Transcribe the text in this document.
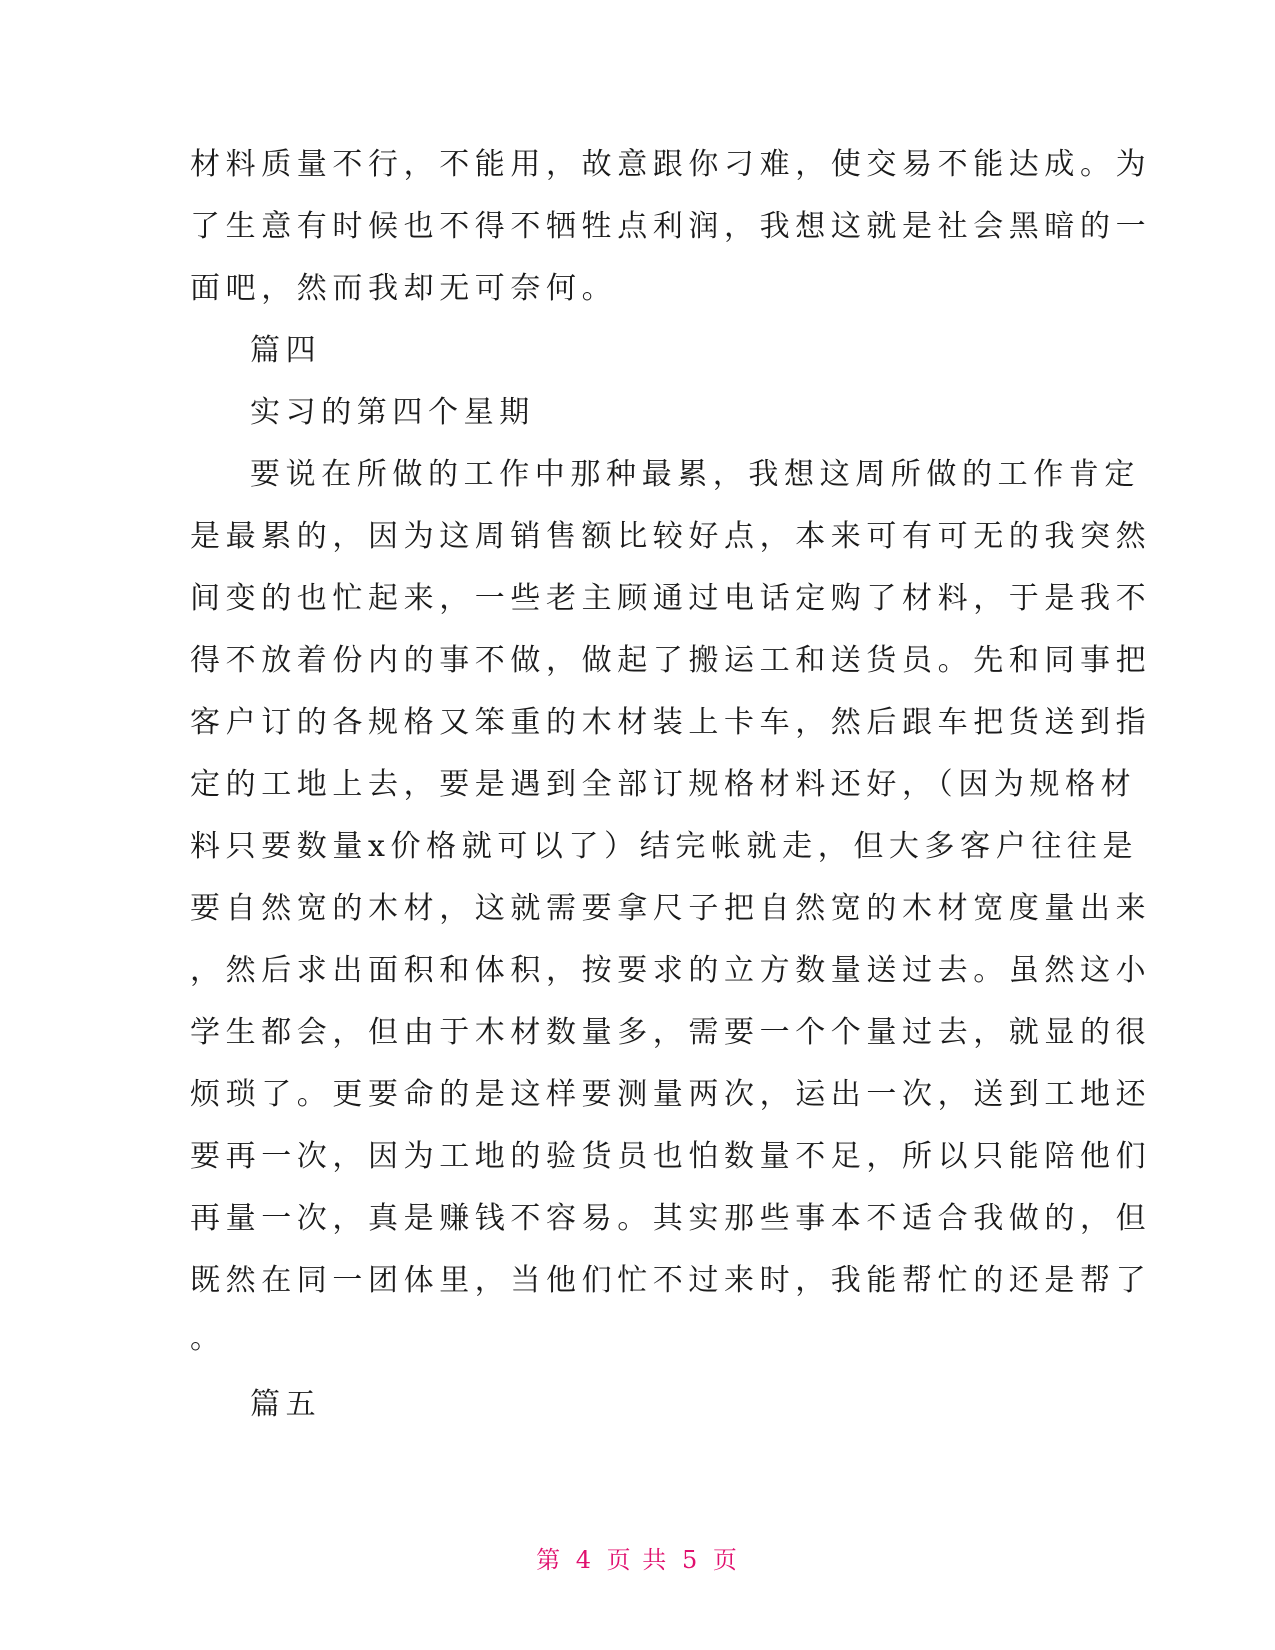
材料质量不行，不能用，故意跟你刁难，使交易不能达成。为
了生意有时候也不得不牺牲点利润，我想这就是社会黑暗的一
面吧，然而我却无可奈何。
篇四
实习的第四个星期
要说在所做的工作中那种最累，我想这周所做的工作肯定
是最累的，因为这周销售额比较好点，本来可有可无的我突然
间变的也忙起来，一些老主顾通过电话定购了材料，于是我不
得不放着份内的事不做，做起了搬运工和送货员。先和同事把
客户订的各规格又笨重的木材装上卡车，然后跟车把货送到指
定的工地上去，要是遇到全部订规格材料还好，（因为规格材
料只要数量x价格就可以了）结完帐就走，但大多客户往往是
要自然宽的木材，这就需要拿尺子把自然宽的木材宽度量出来
，然后求出面积和体积，按要求的立方数量送过去。虽然这小
学生都会，但由于木材数量多，需要一个个量过去，就显的很
烦琐了。更要命的是这样要测量两次，运出一次，送到工地还
要再一次，因为工地的验货员也怕数量不足，所以只能陪他们
再量一次，真是赚钱不容易。其实那些事本不适合我做的，但
既然在同一团体里，当他们忙不过来时，我能帮忙的还是帮了
。
篇五
第 4 页 共 5 页
